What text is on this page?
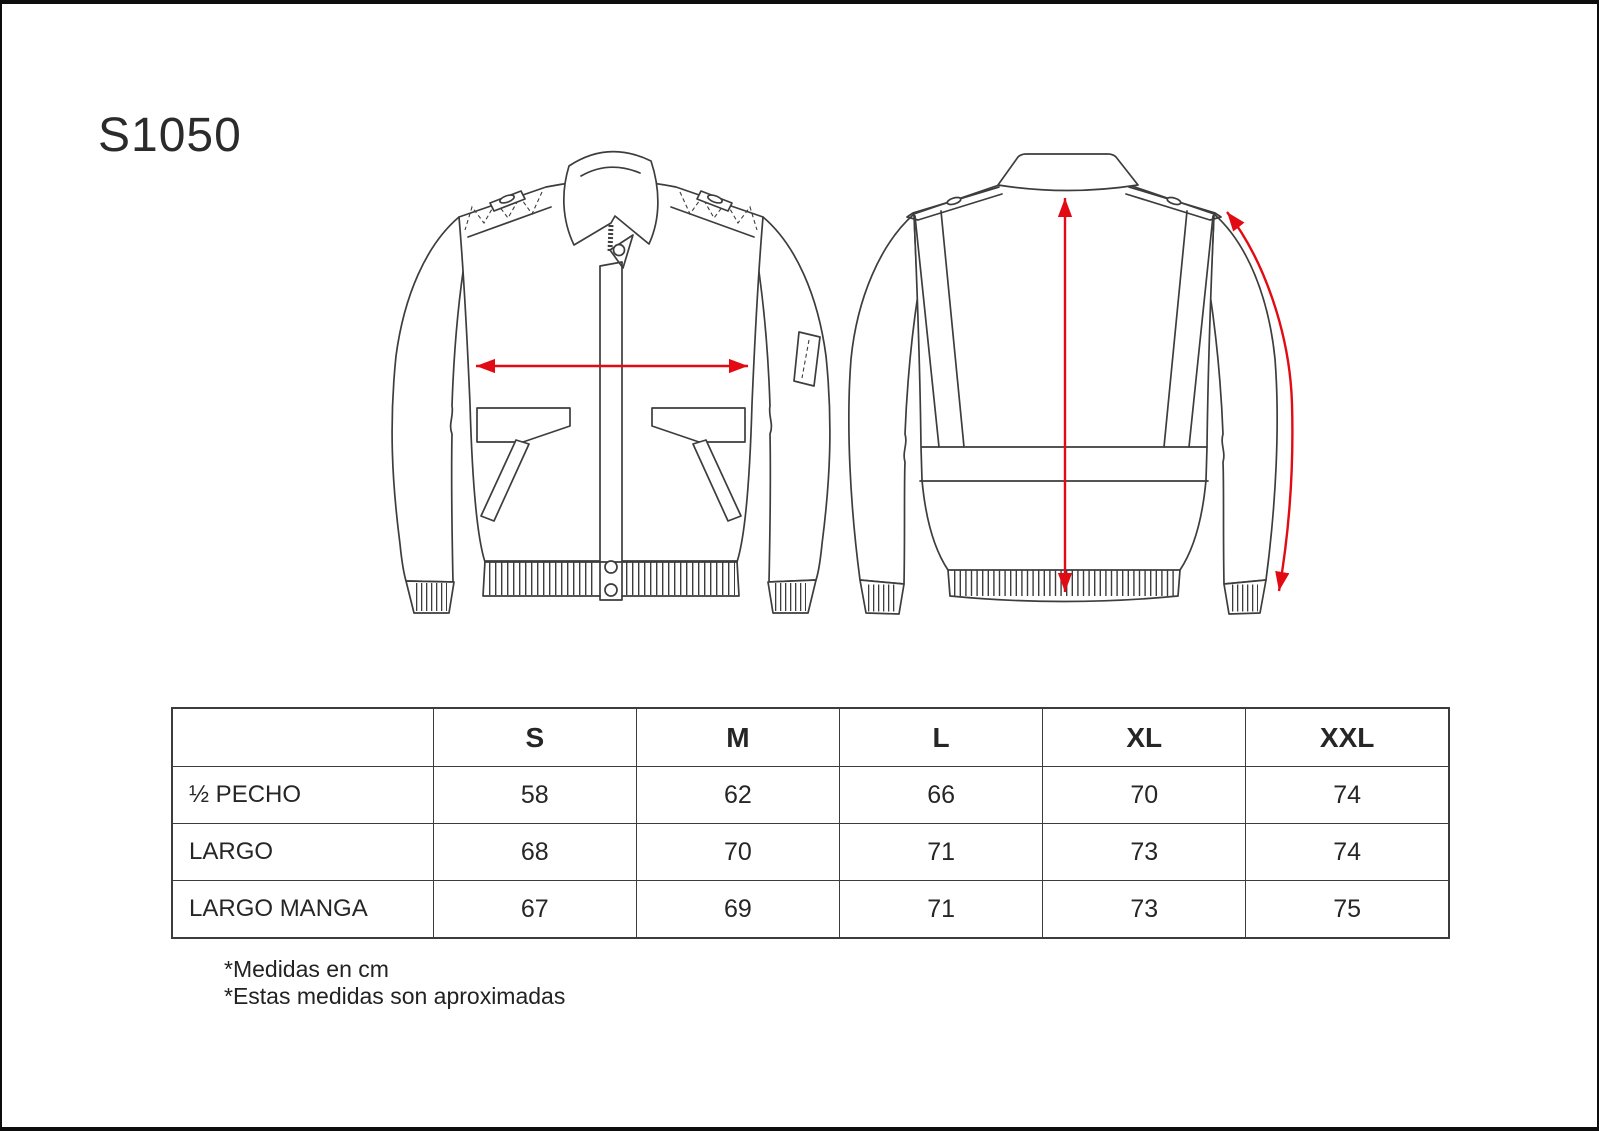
S1050
	S	M	L	XL	XXL
½ PECHO	58	62	66	70	74
LARGO	68	70	71	73	74
LARGO MANGA	67	69	71	73	75
*Medidas en cm
*Estas medidas son aproximadas
